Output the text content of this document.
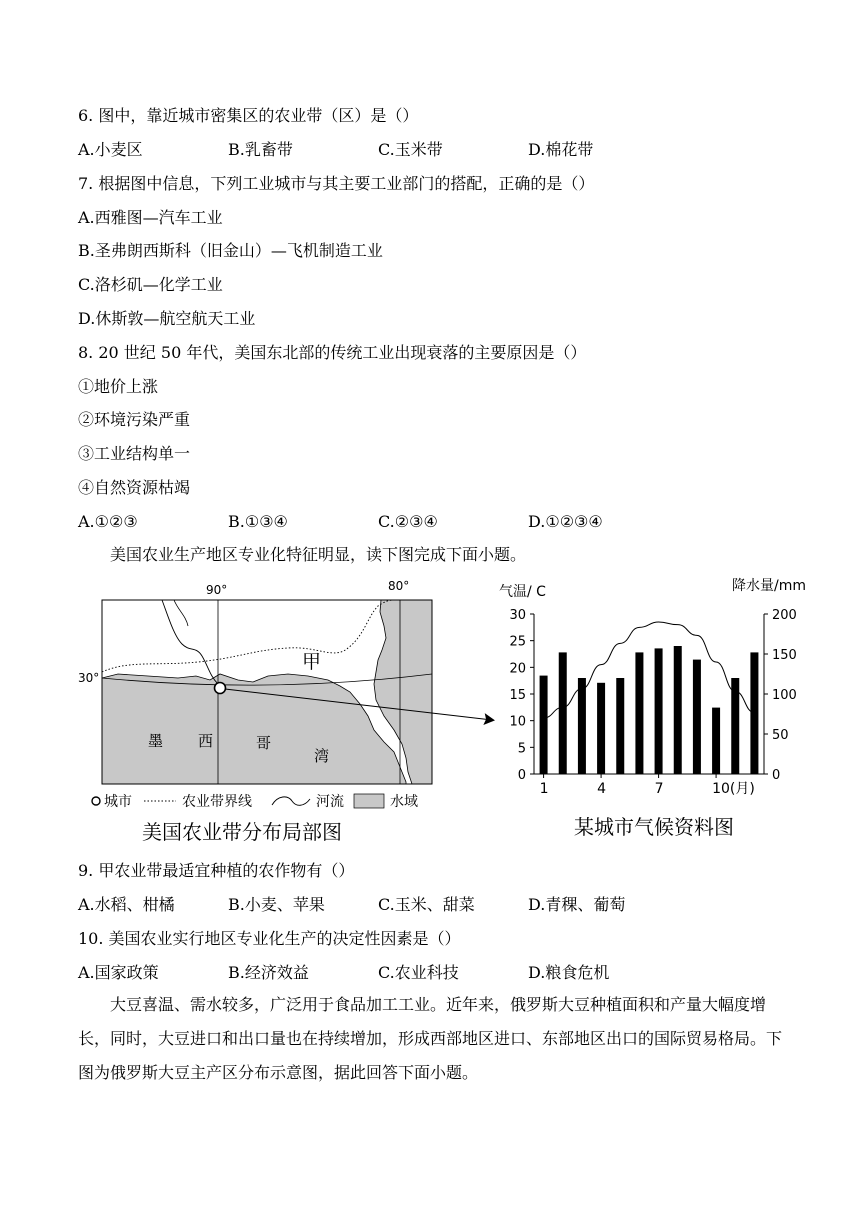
6. 图中，靠近城市密集区的农业带（区）是（）
A.小麦区	B.乳畜带	C.玉米带	D.棉花带
7. 根据图中信息，下列工业城市与其主要工业部门的搭配，正确的是（）
A.西雅图—汽车工业
B.圣弗朗西斯科（旧金山）—飞机制造工业
C.洛杉矶—化学工业
D.休斯敦—航空航天工业
8. 20 世纪 50 年代，美国东北部的传统工业出现衰落的主要原因是（）
①地价上涨
②环境污染严重
③工业结构单一
④自然资源枯竭
A.①②③	B.①③④	C.②③④	D.①②③④
美国农业生产地区专业化特征明显，读下图完成下面小题。
90°	80°
30°
甲
墨 西	哥
湾
城市	农业带界线	河流	水域
美国农业带分布局部图
气温/ C	降水量/mm
0
5
10
15
20
25
30
0
50
100
150
200
1	4	7	10(月)
某城市气候资料图
9. 甲农业带最适宜种植的农作物有（）
A.水稻、柑橘	B.小麦、苹果	C.玉米、甜菜	D.青稞、葡萄
10. 美国农业实行地区专业化生产的决定性因素是（）
A.国家政策	B.经济效益	C.农业科技	D.粮食危机
大豆喜温、需水较多，广泛用于食品加工工业。近年来，俄罗斯大豆种植面积和产量大幅度增长，同时，大豆进口和出口量也在持续增加，形成西部地区进口、东部地区出口的国际贸易格局。下图为俄罗斯大豆主产区分布示意图，据此回答下面小题。
